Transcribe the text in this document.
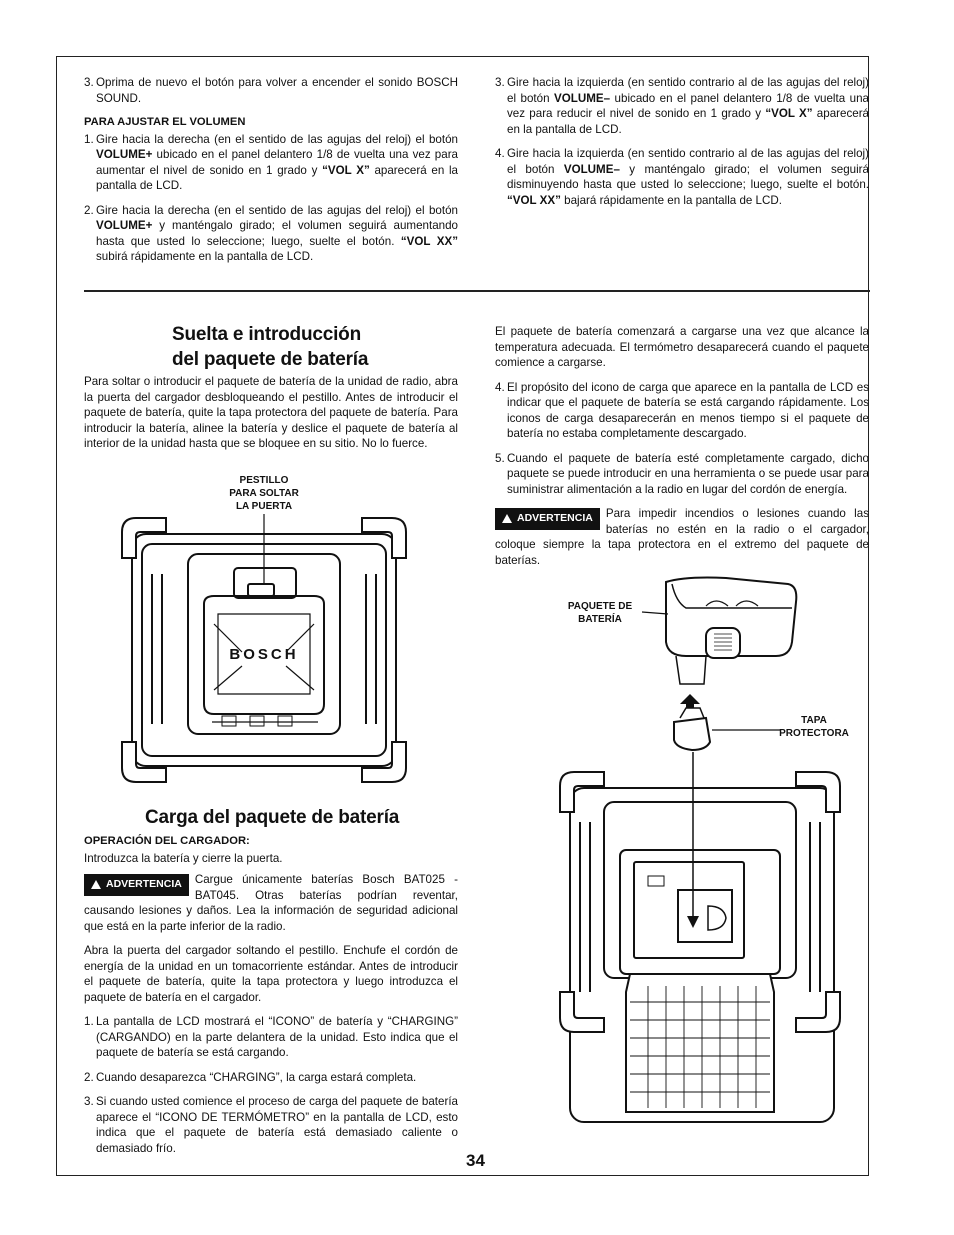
3. Oprima de nuevo el botón para volver a encender el sonido BOSCH SOUND.
PARA AJUSTAR EL VOLUMEN
1. Gire hacia la derecha (en el sentido de las agujas del reloj) el botón VOLUME+ ubicado en el panel delantero 1/8 de vuelta una vez para aumentar el nivel de sonido en 1 grado y “VOL X” aparecerá en la pantalla de LCD.
2. Gire hacia la derecha (en el sentido de las agujas del reloj) el botón VOLUME+ y manténgalo girado; el volumen seguirá aumentando hasta que usted lo seleccione; luego, suelte el botón. “VOL XX” subirá rápidamente en la pantalla de LCD.
3. Gire hacia la izquierda (en sentido contrario al de las agujas del reloj) el botón VOLUME– ubicado en el panel delantero 1/8 de vuelta una vez para reducir el nivel de sonido en 1 grado y “VOL X” aparecerá en la pantalla de LCD.
4. Gire hacia la izquierda (en sentido contrario al de las agujas del reloj) el botón VOLUME– y manténgalo girado; el volumen seguirá disminuyendo hasta que usted lo seleccione; luego, suelte el botón. “VOL XX” bajará rápidamente en la pantalla de LCD.
Suelta e introducción
del paquete de batería

Para soltar o introducir el paquete de batería de la unidad de radio, abra la puerta del cargador desbloqueando el pestillo. Antes de introducir el paquete de batería, quite la tapa protectora del paquete de batería. Para introducir la batería, alinee la batería y deslice el paquete de batería al interior de la unidad hasta que se bloquee en su sitio. No lo fuerce.

PESTILLO
PARA SOLTAR
LA PUERTA
BOSCH
Carga del paquete de batería
OPERACIÓN DEL CARGADOR:

Introduzca la batería y cierre la puerta.

ADVERTENCIA Cargue únicamente baterías Bosch BAT025 - BAT045. Otras baterías podrían reventar, causando lesiones y daños. Lea la información de seguridad adicional que está en la parte inferior de la radio.

Abra la puerta del cargador soltando el pestillo. Enchufe el cordón de energía de la unidad en un tomacorriente estándar. Antes de introducir el paquete de batería, quite la tapa protectora y luego introduzca el paquete de batería en el cargador.

1. La pantalla de LCD mostrará el “ICONO” de batería y “CHARGING” (CARGANDO) en la parte delantera de la unidad. Esto indica que el paquete de batería se está cargando.
2. Cuando desaparezca “CHARGING”, la carga estará completa.
3. Si cuando usted comience el proceso de carga del paquete de batería aparece el “ICONO DE TERMÓMETRO” en la pantalla de LCD, esto indica que el paquete de batería está demasiado caliente o demasiado frío.

El paquete de batería comenzará a cargarse una vez que alcance la temperatura adecuada. El termómetro desaparecerá cuando el paquete comience a cargarse.

4. El propósito del icono de carga que aparece en la pantalla de LCD es indicar que el paquete de batería se está cargando rápidamente. Los iconos de carga desaparecerán en menos tiempo si el paquete de batería no estaba completamente descargado.
5. Cuando el paquete de batería esté completamente cargado, dicho paquete se puede introducir en una herramienta o se puede usar para suministrar alimentación a la radio en lugar del cordón de energía.

ADVERTENCIA Para impedir incendios o lesiones cuando las baterías no estén en la radio o el cargador, coloque siempre la tapa protectora en el extremo del paquete de baterías.

PAQUETE DE
BATERÍA
TAPA
PROTECTORA
34
